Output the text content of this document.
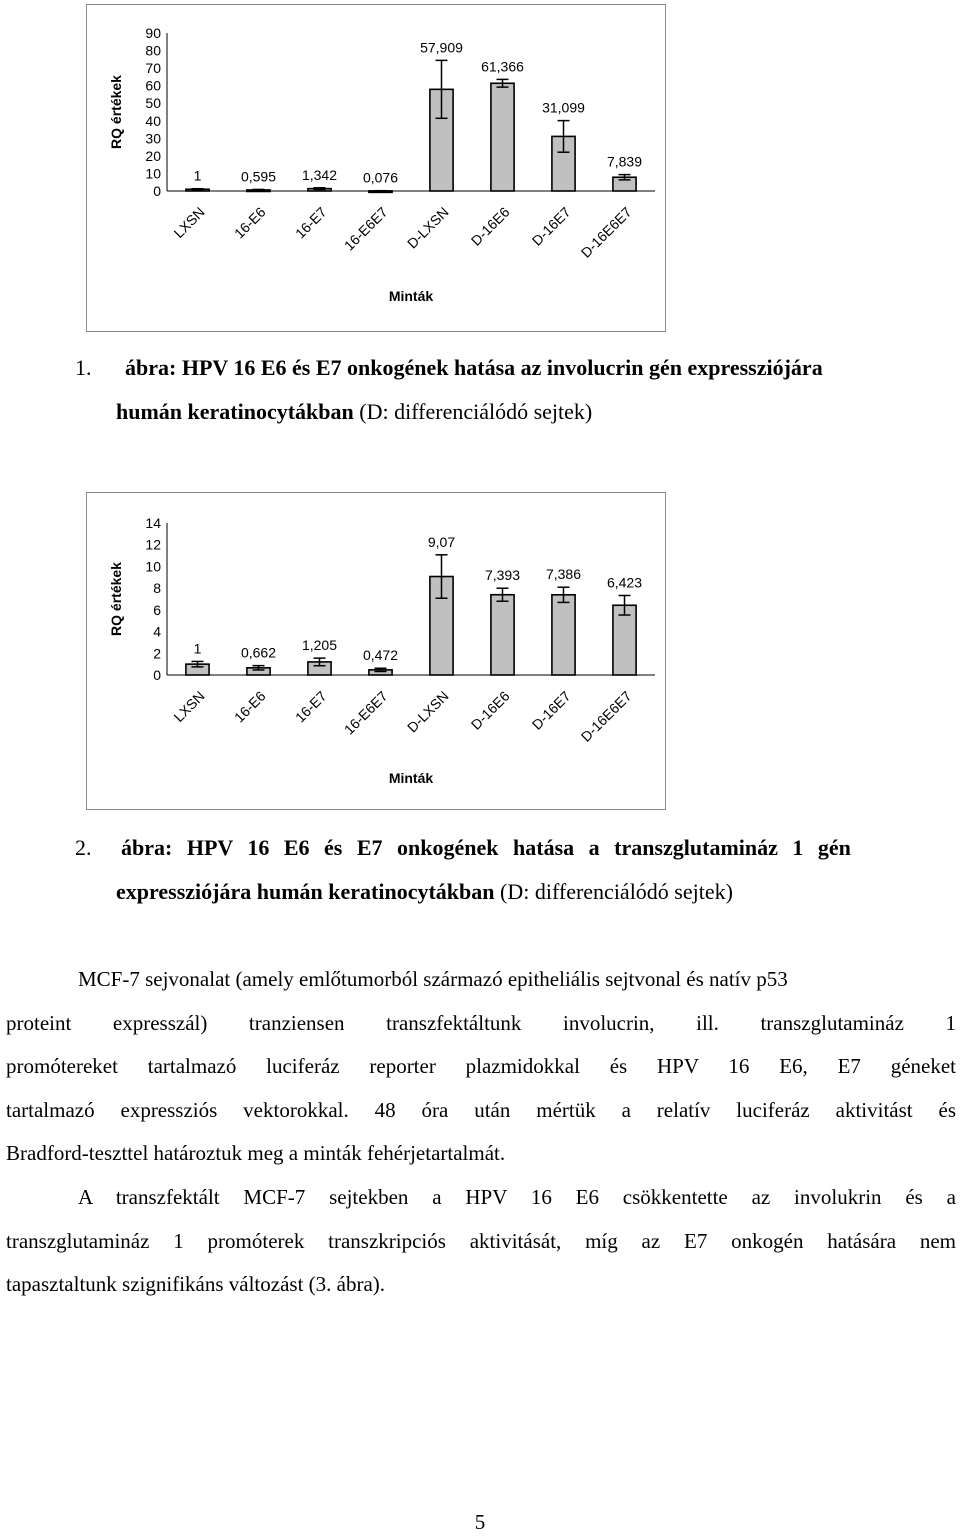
RQ értékek
0
10
20
30
40
50
60
70
80
90
1
LXSN
0,595
16-E6
1,342
16-E7
0,076
16-E6E7
57,909
D-LXSN
61,366
D-16E6
31,099
D-16E7
7,839
D-16E6E7
Minták
1. ábra: HPV 16 E6 és E7 onkogének hatása az involucrin gén expressziójára
humán keratinocytákban (D: differenciálódó sejtek)
RQ értékek
0
2
4
6
8
10
12
14
1
LXSN
0,662
16-E6
1,205
16-E7
0,472
16-E6E7
9,07
D-LXSN
7,393
D-16E6
7,386
D-16E7
6,423
D-16E6E7
Minták
2. ábra: HPV 16 E6 és E7 onkogének hatása a transzglutamináz 1 gén
expressziójára humán keratinocytákban (D: differenciálódó sejtek)
MCF-7 sejvonalat (amely emlőtumorból származó epitheliális sejtvonal és natív p53
proteint expresszál) tranziensen transzfektáltunk involucrin, ill. transzglutamináz 1
promótereket tartalmazó luciferáz reporter plazmidokkal és HPV 16 E6, E7 géneket
tartalmazó expressziós vektorokkal. 48 óra után mértük a relatív luciferáz aktivitást és
Bradford-teszttel határoztuk meg a minták fehérjetartalmát.
A transzfektált MCF-7 sejtekben a HPV 16 E6 csökkentette az involukrin és a
transzglutamináz 1 promóterek transzkripciós aktivitását, míg az E7 onkogén hatására nem
tapasztaltunk szignifikáns változást (3. ábra).
5
